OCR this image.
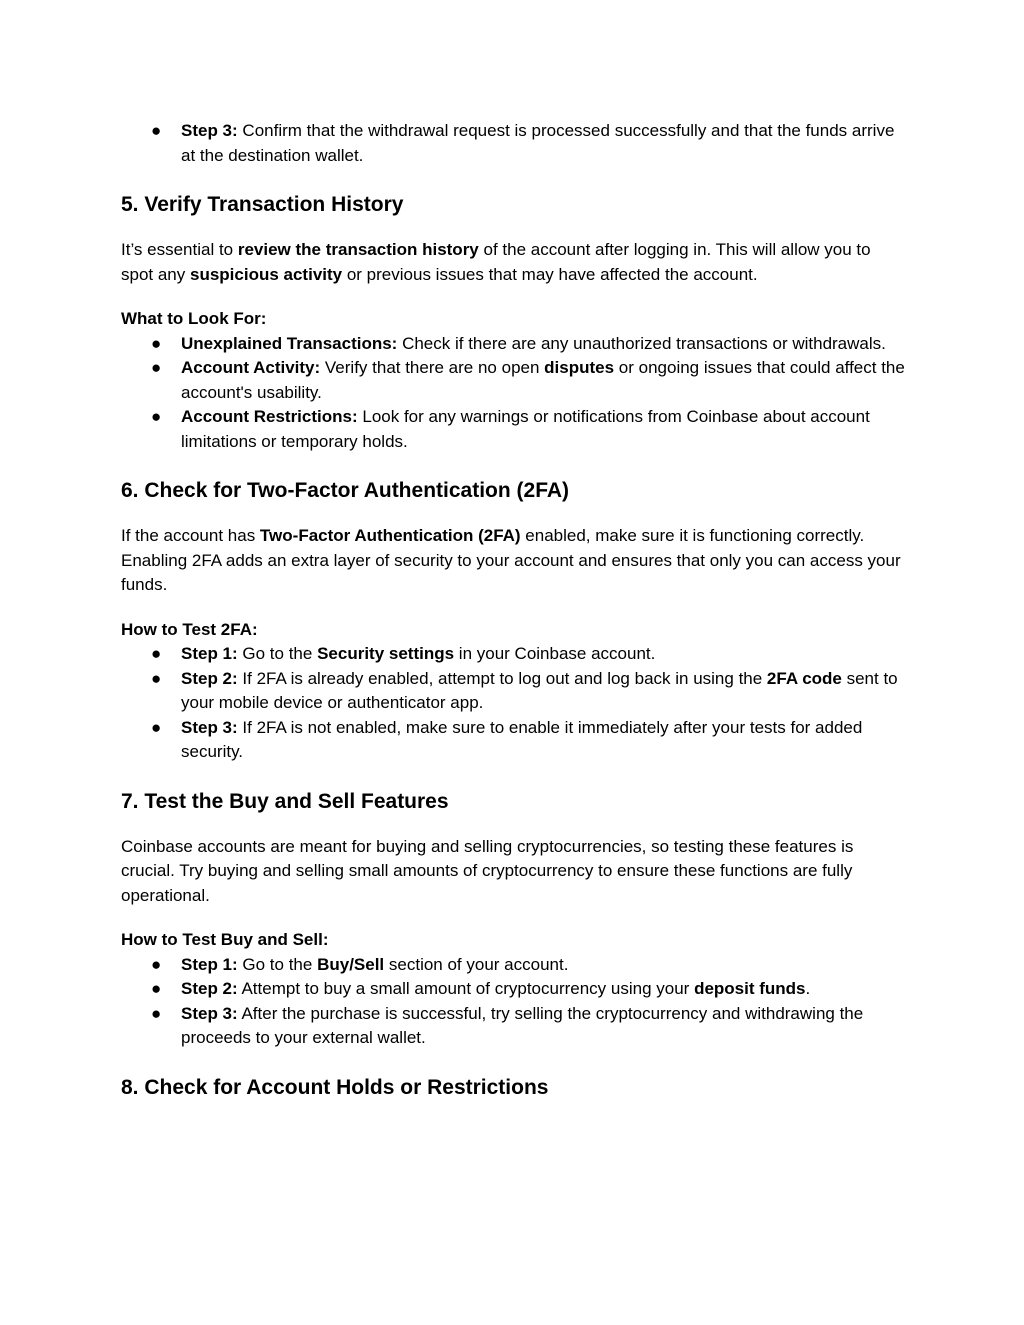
● Step 3: Confirm that the withdrawal request is processed successfully and that the funds arrive at the destination wallet.
5. Verify Transaction History

It’s essential to review the transaction history of the account after logging in. This will allow you to spot any suspicious activity or previous issues that may have affected the account.

What to Look For:

● Unexplained Transactions: Check if there are any unauthorized transactions or withdrawals.
● Account Activity: Verify that there are no open disputes or ongoing issues that could affect the account's usability.
● Account Restrictions: Look for any warnings or notifications from Coinbase about account limitations or temporary holds.
6. Check for Two-Factor Authentication (2FA)

If the account has Two-Factor Authentication (2FA) enabled, make sure it is functioning correctly. Enabling 2FA adds an extra layer of security to your account and ensures that only you can access your funds.

How to Test 2FA:

● Step 1: Go to the Security settings in your Coinbase account.
● Step 2: If 2FA is already enabled, attempt to log out and log back in using the 2FA code sent to your mobile device or authenticator app.
● Step 3: If 2FA is not enabled, make sure to enable it immediately after your tests for added security.
7. Test the Buy and Sell Features

Coinbase accounts are meant for buying and selling cryptocurrencies, so testing these features is crucial. Try buying and selling small amounts of cryptocurrency to ensure these functions are fully operational.

How to Test Buy and Sell:

● Step 1: Go to the Buy/Sell section of your account.
● Step 2: Attempt to buy a small amount of cryptocurrency using your deposit funds.
● Step 3: After the purchase is successful, try selling the cryptocurrency and withdrawing the proceeds to your external wallet.
8. Check for Account Holds or Restrictions
